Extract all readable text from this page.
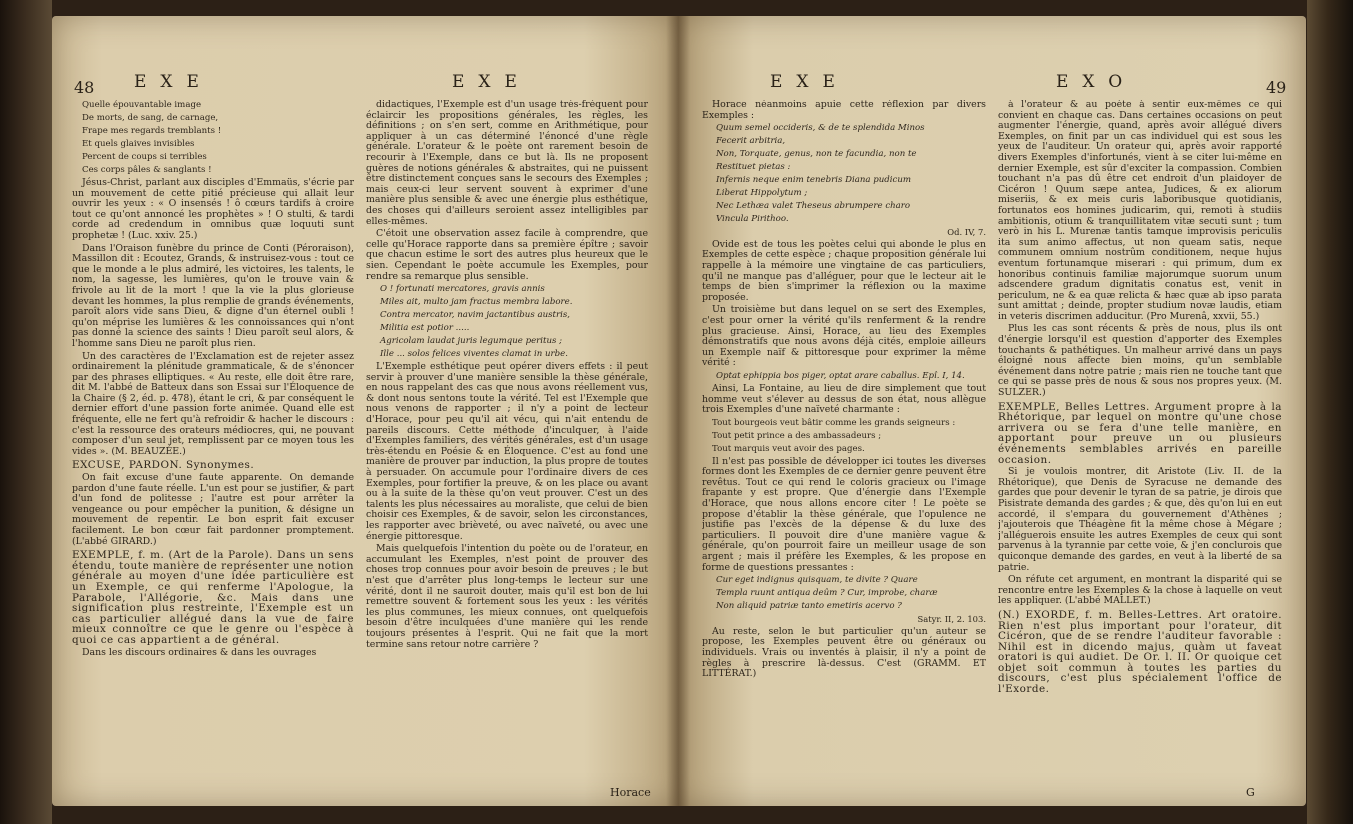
48 EXE	EXE

Quelle épouvantable image

De morts, de sang, de carnage,

Frape mes regards tremblants !

Et quels glaives invisibles

Percent de coups si terribles

Ces corps pâles & sanglants !

Jésus-Christ, parlant aux disciples d'Emmaüs, s'écrie par un mouvement de cette pitié précieuse qui allait leur ouvrir les yeux : « O insensés ! ô cœurs tardifs à croire tout ce qu'ont annoncé les prophètes » ! O stulti, & tardi corde ad credendum in omnibus quæ loquuti sunt prophetæ ! (Luc. xxiv. 25.)

Dans l'Oraison funèbre du prince de Conti (Péroraison), Massillon dit : Ecoutez, Grands, & instruisez-vous : tout ce que le monde a le plus admiré, les victoires, les talents, le nom, la sagesse, les lumières, qu'on le trouve vain & frivole au lit de la mort ! que la vie la plus glorieuse devant les hommes, la plus remplie de grands événements, paroît alors vide sans Dieu, & digne d'un éternel oubli ! qu'on méprise les lumières & les connoissances qui n'ont pas donné la science des saints ! Dieu paroît seul alors, & l'homme sans Dieu ne paroît plus rien.

Un des caractères de l'Exclamation est de rejeter assez ordinairement la plénitude grammaticale, & de s'énoncer par des phrases elliptiques. « Au reste, elle doit être rare, dit M. l'abbé de Batteux dans son Essai sur l'Éloquence de la Chaire (§ 2, éd. p. 478), étant le cri, & par conséquent le dernier effort d'une passion forte animée. Quand elle est fréquente, elle ne fert qu'à refroidir & hacher le discours : c'est la ressource des orateurs médiocres, qui, ne pouvant composer d'un seul jet, remplissent par ce moyen tous les vides ». (M. BEAUZÉE.)

EXCUSE, PARDON. Synonymes.

On fait excuse d'une faute apparente. On demande pardon d'une faute réelle. L'un est pour se justifier, & part d'un fond de politesse ; l'autre est pour arrêter la vengeance ou pour empêcher la punition, & désigne un mouvement de repentir. Le bon esprit fait excuser facilement. Le bon cœur fait pardonner promptement. (L'abbé GIRARD.)

EXEMPLE, f. m. (Art de la Parole). Dans un sens étendu, toute manière de représenter une notion générale au moyen d'une idée particulière est un Exemple, ce qui renferme l'Apologue, la Parabole, l'Allégorie, &c. Mais dans une signification plus restreinte, l'Exemple est un cas particulier allégué dans la vue de faire mieux connoître ce que le genre ou l'espèce à quoi ce cas appartient a de général.

Dans les discours ordinaires & dans les ouvrages

didactiques, l'Exemple est d'un usage très-fréquent pour éclaircir les propositions générales, les règles, les définitions ; on s'en sert, comme en Arithmétique, pour appliquer à un cas déterminé l'énoncé d'une règle générale. L'orateur & le poète ont rarement besoin de recourir à l'Exemple, dans ce but là. Ils ne proposent guères de notions générales & abstraites, qui ne puissent être distinctement conçues sans le secours des Exemples ; mais ceux-ci leur servent souvent à exprimer d'une manière plus sensible & avec une énergie plus esthétique, des choses qui d'ailleurs seroient assez intelligibles par elles-mêmes.

C'étoit une observation assez facile à comprendre, que celle qu'Horace rapporte dans sa première épître ; savoir que chacun estime le sort des autres plus heureux que le sien. Cependant le poète accumule les Exemples, pour rendre sa remarque plus sensible.

O ! fortunati mercatores, gravis annis

Miles ait, multo jam fractus membra labore.

Contra mercator, navim jactantibus austris,

Militia est potior .....

Agricolam laudat juris legumque peritus ;

Ille ... solos felices viventes clamat in urbe.

L'Exemple esthétique peut opérer divers effets : il peut servir à prouver d'une manière sensible la thèse générale, en nous rappelant des cas que nous avons réellement vus, & dont nous sentons toute la vérité. Tel est l'Exemple que nous venons de rapporter ; il n'y a point de lecteur d'Horace, pour peu qu'il ait vécu, qui n'ait entendu de pareils discours. Cette méthode d'inculquer, à l'aide d'Exemples familiers, des vérités générales, est d'un usage très-étendu en Poésie & en Éloquence. C'est au fond une manière de prouver par induction, la plus propre de toutes à persuader. On accumule pour l'ordinaire divers de ces Exemples, pour fortifier la preuve, & on les place ou avant ou à la suite de la thèse qu'on veut prouver. C'est un des talents les plus nécessaires au moraliste, que celui de bien choisir ces Exemples, & de savoir, selon les circonstances, les rapporter avec brièveté, ou avec naïveté, ou avec une énergie pittoresque.

Mais quelquefois l'intention du poète ou de l'orateur, en accumulant les Exemples, n'est point de prouver des choses trop connues pour avoir besoin de preuves ; le but n'est que d'arrêter plus long-temps le lecteur sur une vérité, dont il ne sauroit douter, mais qu'il est bon de lui remettre souvent & fortement sous les yeux : les vérités les plus communes, les mieux connues, ont quelquefois besoin d'être inculquées d'une manière qui les rende toujours présentes à l'esprit. Qui ne fait que la mort termine sans retour notre carrière ?

Horace
EXE	EXO	49

Horace néanmoins apuie cette réflexion par divers Exemples :

Quum semel occideris, & de te splendida Minos

Fecerit arbitria,

Non, Torquate, genus, non te facundia, non te

Restituet pietas :

Infernis neque enim tenebris Diana pudicum

Liberat Hippolytum ;

Nec Lethæa valet Theseus abrumpere charo

Vincula Pirithoo.

Od. IV, 7.

Ovide est de tous les poètes celui qui abonde le plus en Exemples de cette espèce ; chaque proposition générale lui rappelle à la mémoire une vingtaine de cas particuliers, qu'il ne manque pas d'alléguer, pour que le lecteur ait le temps de bien s'imprimer la réflexion ou la maxime proposée.

Un troisième but dans lequel on se sert des Exemples, c'est pour orner la vérité qu'ils renferment & la rendre plus gracieuse. Ainsi, Horace, au lieu des Exemples démonstratifs que nous avons déjà cités, emploie ailleurs un Exemple naïf & pittoresque pour exprimer la même vérité :

Optat ephippia bos piger, optat arare caballus. Epî. I, 14.

Ainsi, La Fontaine, au lieu de dire simplement que tout homme veut s'élever au dessus de son état, nous allègue trois Exemples d'une naïveté charmante :

Tout bourgeois veut bâtir comme les grands seigneurs :

Tout petit prince a des ambassadeurs ;

Tout marquis veut avoir des pages.

Il n'est pas possible de développer ici toutes les diverses formes dont les Exemples de ce dernier genre peuvent être revêtus. Tout ce qui rend le coloris gracieux ou l'image frapante y est propre. Que d'énergie dans l'Exemple d'Horace, que nous allons encore citer ! Le poète se propose d'établir la thèse générale, que l'opulence ne justifie pas l'excès de la dépense & du luxe des particuliers. Il pouvoit dire d'une manière vague & générale, qu'on pourroit faire un meilleur usage de son argent ; mais il préfère les Exemples, & les propose en forme de questions pressantes :

Cur eget indignus quisquam, te divite ? Quare

Templa ruunt antiqua deûm ? Cur, improbe, charæ

Non aliquid patriæ tanto emetiris acervo ?

Satyr. II, 2. 103.

Au reste, selon le but particulier qu'un auteur se propose, les Exemples peuvent être ou généraux ou individuels. Vrais ou inventés à plaisir, il n'y a point de règles à prescrire là-dessus. C'est (GRAMM. ET LITTÉRAT.)

à l'orateur & au poète à sentir eux-mêmes ce qui convient en chaque cas. Dans certaines occasions on peut augmenter l'énergie, quand, après avoir allégué divers Exemples, on finit par un cas individuel qui est sous les yeux de l'auditeur. Un orateur qui, après avoir rapporté divers Exemples d'infortunés, vient à se citer lui-même en dernier Exemple, est sûr d'exciter la compassion. Combien touchant n'a pas dû être cet endroit d'un plaidoyer de Cicéron ! Quum sæpe antea, Judices, & ex aliorum miseriis, & ex meis curis laboribusque quotidianis, fortunatos eos homines judicarim, qui, remoti à studiis ambitionis, otium & tranquillitatem vitæ secuti sunt ; tum verò in his L. Murenæ tantis tamque improvisis periculis ita sum animo affectus, ut non queam satis, neque communem omnium nostrûm conditionem, neque hujus eventum fortunamque miserari : qui primum, dum ex honoribus continuis familiæ majorumque suorum unum adscendere gradum dignitatis conatus est, venit in periculum, ne & ea quæ relicta & hæc quæ ab ipso parata sunt amittat ; deinde, propter studium novæ laudis, etiam in veteris discrimen adducitur. (Pro Murenâ, xxvii, 55.)

Plus les cas sont récents & près de nous, plus ils ont d'énergie lorsqu'il est question d'apporter des Exemples touchants & pathétiques. Un malheur arrivé dans un pays éloigné nous affecte bien moins, qu'un semblable événement dans notre patrie ; mais rien ne touche tant que ce qui se passe près de nous & sous nos propres yeux. (M. SULZER.)

EXEMPLE, Belles Lettres. Argument propre à la Rhétorique, par lequel on montre qu'une chose arrivera ou se fera d'une telle manière, en apportant pour preuve un ou plusieurs événements semblables arrivés en pareille occasion.

Si je voulois montrer, dit Aristote (Liv. II. de la Rhétorique), que Denis de Syracuse ne demande des gardes que pour devenir le tyran de sa patrie, je dirois que Pisistrate demanda des gardes ; & que, dès qu'on lui en eut accordé, il s'empara du gouvernement d'Athènes ; j'ajouterois que Théagène fit la même chose à Mégare ; j'alléguerois ensuite les autres Exemples de ceux qui sont parvenus à la tyrannie par cette voie, & j'en conclurois que quiconque demande des gardes, en veut à la liberté de sa patrie.

On réfute cet argument, en montrant la disparité qui se rencontre entre les Exemples & la chose à laquelle on veut les appliquer. (L'abbé MALLET.)

(N.) EXORDE, f. m. Belles-Lettres. Art oratoire. Rien n'est plus important pour l'orateur, dit Cicéron, que de se rendre l'auditeur favorable : Nihil est in dicendo majus, quàm ut faveat oratori is qui audiet. De Or. l. II. Or quoique cet objet soit commun à toutes les parties du discours, c'est plus spécialement l'office de l'Exorde.

G
